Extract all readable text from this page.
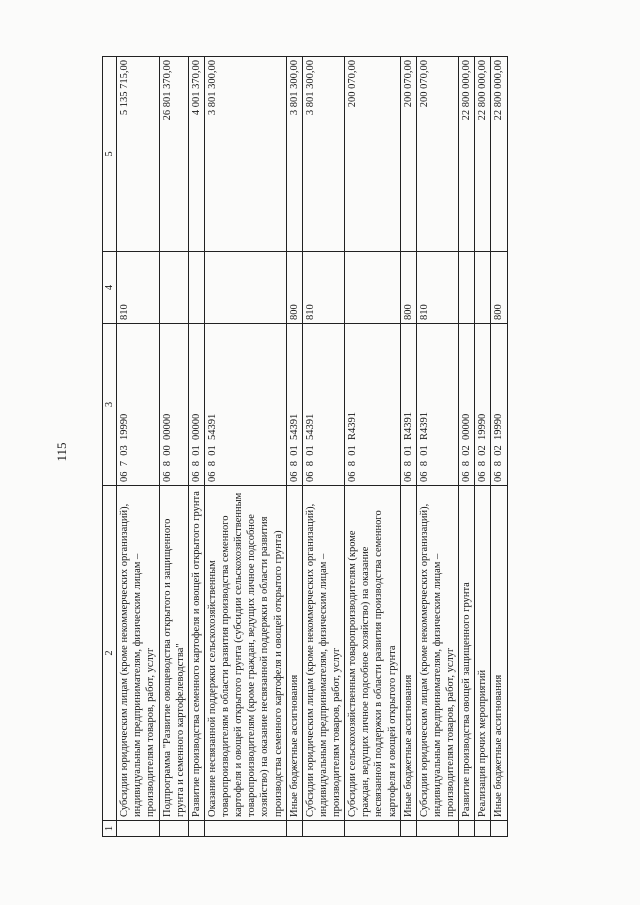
115
1	2	3	4	5
	Субсидии юридическим лицам (кроме некоммерческих организаций), индивидуальным предпринимателям, физическим лицам – производителям товаров, работ, услуг	06  7  03  19990	810	5 135 715,00
	Подпрограмма "Развитие овощеводства открытого и защищенного грунта и семенного картофелеводства"	06  8  00  00000		26 801 370,00
	Развитие производства семенного картофеля и овощей открытого грунта	06  8  01  00000		4 001 370,00
	Оказание несвязанной поддержки сельскохозяйственным товаропроизводителям в области развития производства семенного картофеля и овощей открытого грунта (субсидии сельскохозяйственным товаропроизводителям (кроме граждан, ведущих личное подсобное хозяйство) на оказание несвязанной поддержки в области развития производства семенного картофеля и овощей открытого грунта)	06  8  01  54391		3 801 300,00
	Иные бюджетные ассигнования	06  8  01  54391	800	3 801 300,00
	Субсидии юридическим лицам (кроме некоммерческих организаций), индивидуальным предпринимателям, физическим лицам – производителям товаров, работ, услуг	06  8  01  54391	810	3 801 300,00
	Субсидии сельскохозяйственным товаропроизводителям (кроме граждан, ведущих личное подсобное хозяйство) на оказание несвязанной поддержки в области развития производства семенного картофеля и овощей открытого грунта	06  8  01  R4391		200 070,00
	Иные бюджетные ассигнования	06  8  01  R4391	800	200 070,00
	Субсидии юридическим лицам (кроме некоммерческих организаций), индивидуальным предпринимателям, физическим лицам – производителям товаров, работ, услуг	06  8  01  R4391	810	200 070,00
	Развитие производства овощей защищенного грунта	06  8  02  00000		22 800 000,00
	Реализация прочих мероприятий	06  8  02  19990		22 800 000,00
	Иные бюджетные ассигнования	06  8  02  19990	800	22 800 000,00
